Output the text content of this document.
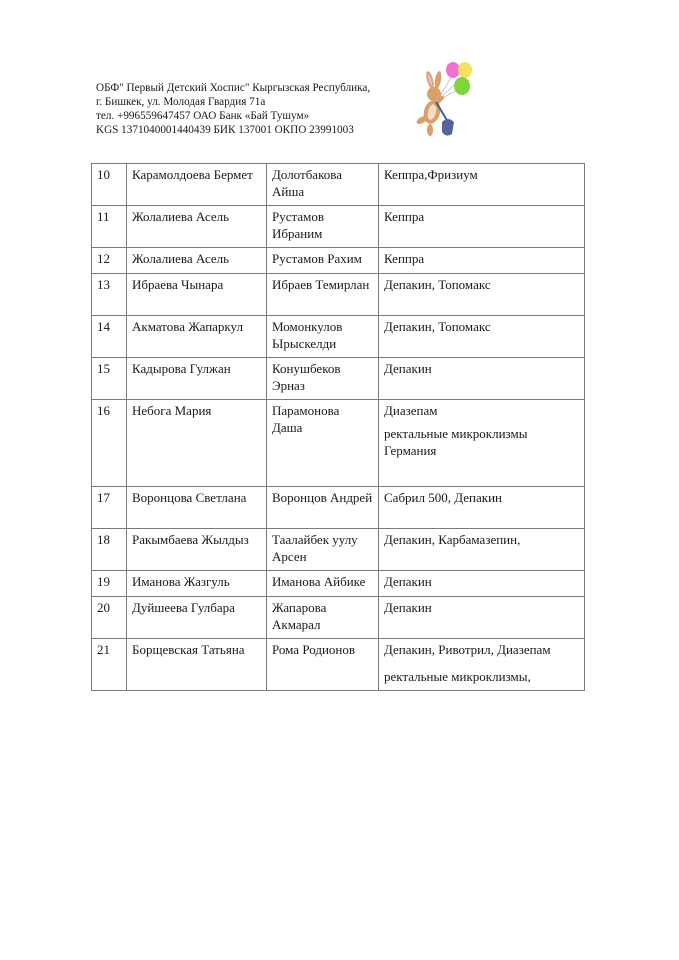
ОБФ" Первый Детский Хоспис" Кыргызская Республика,
г. Бишкек, ул. Молодая Гвардия 71а
тел. +996559647457 ОАО Банк «Бай Тушум»
KGS 1371040001440439 БИК 137001 ОКПО 23991003
10	Карамолдоева Бермет	Долотбакова Айша	Кеппра,Фризиум

11	Жолалиева Асель	Рустамов Ибраним	Кеппра

12	Жолалиева Асель	Рустамов Рахим	Кеппра

13	Ибраева Чынара	Ибраев Темирлан	Депакин, Топомакс

14	Акматова Жапаркул	Момонкулов Ырыскелди	Депакин, Топомакс

15	Кадырова Гулжан	Конушбеков Эрназ	Депакин

16	Небога Мария	Парамонова Даша	Диазепам
ректальные микроклизмы Германия

17	Воронцова Светлана	Воронцов Андрей	Сабрил 500, Депакин

18	Ракымбаева Жылдыз	Таалайбек уулу Арсен	Депакин, Карбамазепин,

19	Иманова Жазгуль	Иманова Айбике	Депакин

20	Дуйшеева Гулбара	Жапарова Акмарал	Депакин

21	Борщевская Татьяна	Рома Родионов	Депакин, Ривотрил, Диазепам
ректальные микроклизмы,
